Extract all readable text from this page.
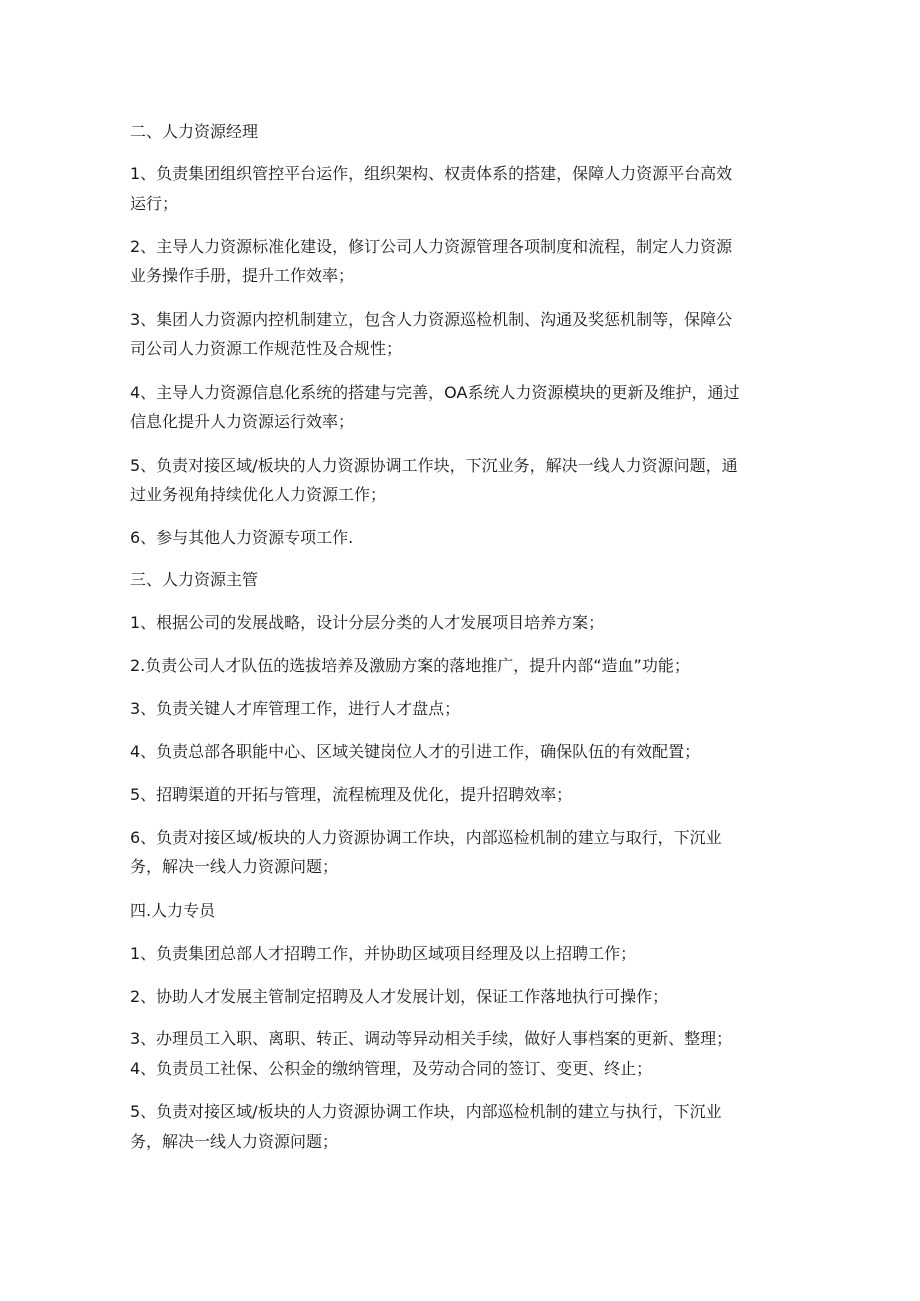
二、人力资源经理
1、负责集团组织管控平台运作，组织架构、权责体系的搭建，保障人力资源平台高效
运行；
2、主导人力资源标准化建设，修订公司人力资源管理各项制度和流程，制定人力资源
业务操作手册，提升工作效率；
3、集团人力资源内控机制建立，包含人力资源巡检机制、沟通及奖惩机制等，保障公
司公司人力资源工作规范性及合规性；
4、主导人力资源信息化系统的搭建与完善，OA系统人力资源模块的更新及维护，通过
信息化提升人力资源运行效率；
5、负责对接区域/板块的人力资源协调工作块，下沉业务，解决一线人力资源问题，通
过业务视角持续优化人力资源工作；
6、参与其他人力资源专项工作.
三、人力资源主管
1、根据公司的发展战略，设计分层分类的人才发展项目培养方案；
2.负责公司人才队伍的选拔培养及激励方案的落地推广，提升内部“造血”功能；
3、负责关键人才库管理工作，进行人才盘点；
4、负责总部各职能中心、区域关键岗位人才的引进工作，确保队伍的有效配置；
5、招聘渠道的开拓与管理，流程梳理及优化，提升招聘效率；
6、负责对接区域/板块的人力资源协调工作块，内部巡检机制的建立与取行，下沉业
务，解决一线人力资源问题；
四.人力专员
1、负责集团总部人才招聘工作，并协助区域项目经理及以上招聘工作；
2、协助人才发展主管制定招聘及人才发展计划，保证工作落地执行可操作；
3、办理员工入职、离职、转正、调动等异动相关手续，做好人事档案的更新、整理；
4、负责员工社保、公积金的缴纳管理，及劳动合同的签订、变更、终止；
5、负责对接区域/板块的人力资源协调工作块，内部巡检机制的建立与执行，下沉业
务，解决一线人力资源问题；
